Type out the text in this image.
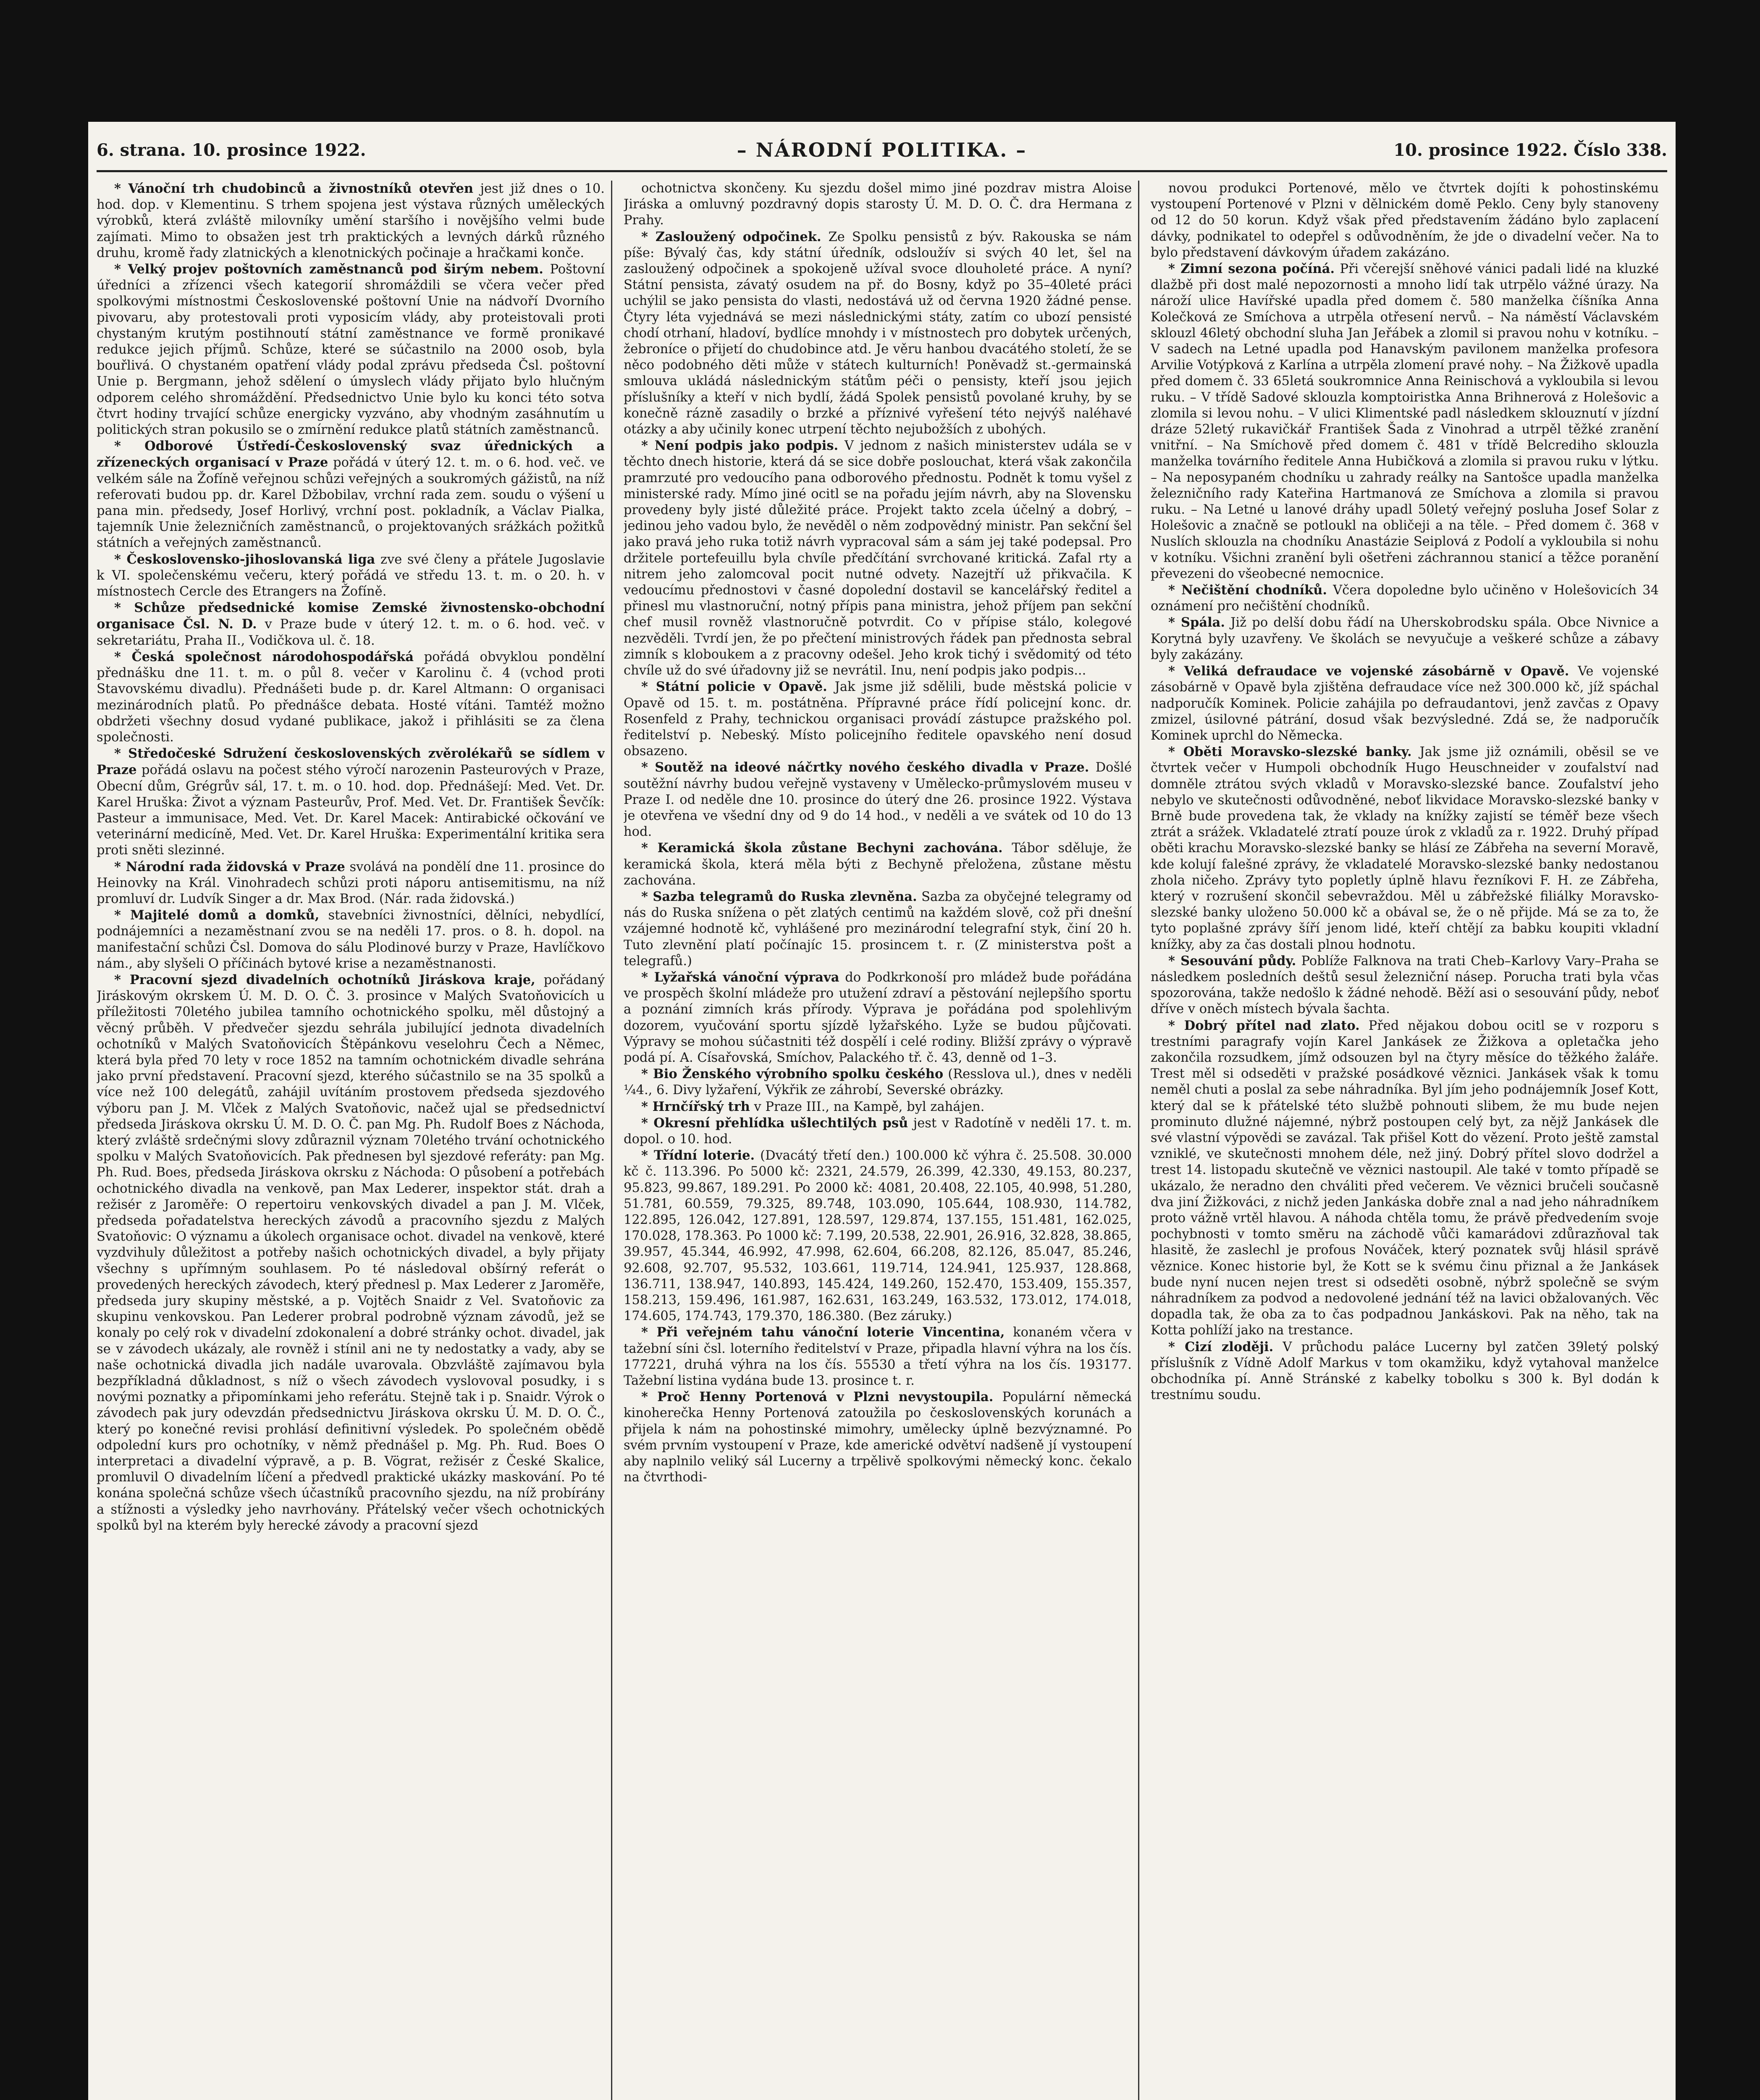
6. strana. 10. prosince 1922.	– NÁRODNÍ POLITIKA. –	10. prosince 1922. Číslo 338.

* Vánoční trh chudobinců a živnostníků otevřen jest již dnes o 10. hod. dop. v Klementinu. S trhem spojena jest výstava různých uměleckých výrobků, která zvláště milovníky umění staršího i novějšího velmi bude zajímati. Mimo to obsažen jest trh praktických a levných dárků různého druhu, kromě řady zlatnických a klenotnických počinaje a hračkami konče.

* Velký projev poštovních zaměstnanců pod širým nebem. Poštovní úředníci a zřízenci všech kategorií shromáždili se včera večer před spolkovými místnostmi Československé poštovní Unie na nádvoří Dvorního pivovaru, aby protestovali proti vyposicím vlády, aby proteistovali proti chystaným krutým postihnoutí státní zaměstnance ve formě pronikavé redukce jejich příjmů. Schůze, které se súčastnilo na 2000 osob, byla bouřlivá. O chystaném opatření vlády podal zprávu předseda Čsl. poštovní Unie p. Bergmann, jehož sdělení o úmyslech vlády přijato bylo hlučným odporem celého shromáždění. Předsednictvo Unie bylo ku konci této sotva čtvrt hodiny trvající schůze energicky vyzváno, aby vhodným zasáhnutím u politických stran pokusilo se o zmírnění redukce platů státních zaměstnanců.

* Odborové Ústředí-Československý svaz úřednických a zřízeneckých organisací v Praze pořádá v úterý 12. t. m. o 6. hod. več. ve velkém sále na Žofíně veřejnou schůzi veřejných a soukromých gážistů, na níž referovati budou pp. dr. Karel Džbobilav, vrchní rada zem. soudu o výšení u pana min. předsedy, Josef Horlivý, vrchní post. pokladník, a Václav Pialka, tajemník Unie železničních zaměstnanců, o projektovaných srážkách požitků státních a veřejných zaměstnanců.

* Československo-jihoslovanská liga zve své členy a přátele Jugoslavie k VI. společenskému večeru, který pořádá ve středu 13. t. m. o 20. h. v místnostech Cercle des Etrangers na Žofíně.

* Schůze předsednické komise Zemské živnostensko-obchodní organisace Čsl. N. D. v Praze bude v úterý 12. t. m. o 6. hod. več. v sekretariátu, Praha II., Vodičkova ul. č. 18.

* Česká společnost národohospodářská pořádá obvyklou pondělní přednášku dne 11. t. m. o půl 8. večer v Karolinu č. 4 (vchod proti Stavovskému divadlu). Přednášeti bude p. dr. Karel Altmann: O organisaci mezinárodních platů. Po přednášce debata. Hosté vítáni. Tamtéž možno obdržeti všechny dosud vydané publikace, jakož i přihlásiti se za člena společnosti.

* Středočeské Sdružení československých zvěrolékařů se sídlem v Praze pořádá oslavu na počest stého výročí narozenin Pasteurových v Praze, Obecní dům, Grégrův sál, 17. t. m. o 10. hod. dop. Přednášejí: Med. Vet. Dr. Karel Hruška: Život a význam Pasteurův, Prof. Med. Vet. Dr. František Ševčík: Pasteur a immunisace, Med. Vet. Dr. Karel Macek: Antirabické očkování ve veterinární medicíně, Med. Vet. Dr. Karel Hruška: Experimentální kritika sera proti sněti slezinné.

* Národní rada židovská v Praze svolává na pondělí dne 11. prosince do Heinovky na Král. Vinohradech schůzi proti náporu antisemitismu, na níž promluví dr. Ludvík Singer a dr. Max Brod. (Nár. rada židovská.)

* Majitelé domů a domků, stavebníci živnostníci, dělníci, nebydlící, podnájemníci a nezaměstnaní zvou se na neděli 17. pros. o 8. h. dopol. na manifestační schůzi Čsl. Domova do sálu Plodinové burzy v Praze, Havlíčkovo nám., aby slyšeli O příčinách bytové krise a nezaměstnanosti.

* Pracovní sjezd divadelních ochotníků Jiráskova kraje, pořádaný Jiráskovým okrskem Ú. M. D. O. Č. 3. prosince v Malých Svatoňovicích u příležitosti 70letého jubilea tamního ochotnického spolku, měl důstojný a věcný průběh. V předvečer sjezdu sehrála jubilující jednota divadelních ochotníků v Malých Svatoňovicích Štěpánkovu veselohru Čech a Němec, která byla před 70 lety v roce 1852 na tamním ochotnickém divadle sehrána jako první představení. Pracovní sjezd, kterého súčastnilo se na 35 spolků a více než 100 delegátů, zahájil uvítáním prostovem předseda sjezdového výboru pan J. M. Vlček z Malých Svatoňovic, načež ujal se předsednictví předseda Jiráskova okrsku Ú. M. D. O. Č. pan Mg. Ph. Rudolf Boes z Náchoda, který zvláště srdečnými slovy zdůraznil význam 70letého trvání ochotnického spolku v Malých Svatoňovicích. Pak přednesen byl sjezdové referáty: pan Mg. Ph. Rud. Boes, předseda Jiráskova okrsku z Náchoda: O působení a potřebách ochotnického divadla na venkově, pan Max Lederer, inspektor stát. drah a režisér z Jaroměře: O repertoiru venkovských divadel a pan J. M. Vlček, předseda pořadatelstva hereckých závodů a pracovního sjezdu z Malých Svatoňovic: O významu a úkolech organisace ochot. divadel na venkově, které vyzdvihuly důležitost a potřeby našich ochotnických divadel, a byly přijaty všechny s upřímným souhlasem. Po té následoval obšírný referát o provedených hereckých závodech, který přednesl p. Max Lederer z Jaroměře, předseda jury skupiny městské, a p. Vojtěch Snaidr z Vel. Svatoňovic za skupinu venkovskou. Pan Lederer probral podrobně význam závodů, jež se konaly po celý rok v divadelní zdokonalení a dobré stránky ochot. divadel, jak se v závodech ukázaly, ale rovněž i stínil ani ne ty nedostatky a vady, aby se naše ochotnická divadla jich nadále uvarovala. Obzvláště zajímavou byla bezpříkladná důkladnost, s níž o všech závodech vyslovoval posudky, i s novými poznatky a připomínkami jeho referátu. Stejně tak i p. Snaidr. Výrok o závodech pak jury odevzdán předsednictvu Jiráskova okrsku Ú. M. D. O. Č., který po konečné revisi prohlásí definitivní výsledek. Po společném obědě odpolední kurs pro ochotníky, v němž přednášel p. Mg. Ph. Rud. Boes O interpretaci a divadelní výpravě, a p. B. Vögrat, režisér z České Skalice, promluvil O divadelním líčení a předvedl praktické ukázky maskování. Po té konána společná schůze všech účastníků pracovního sjezdu, na níž probírány a stížnosti a výsledky jeho navrhovány. Přátelský večer všech ochotnických spolků byl na kterém byly herecké závody a pracovní sjezd

ochotnictva skončeny. Ku sjezdu došel mimo jiné pozdrav mistra Aloise Jiráska a omluvný pozdravný dopis starosty Ú. M. D. O. Č. dra Hermana z Prahy.

* Zasloužený odpočinek. Ze Spolku pensistů z býv. Rakouska se nám píše: Bývalý čas, kdy státní úředník, odsloužív si svých 40 let, šel na zasloužený odpočinek a spokojeně užíval svoce dlouholeté práce. A nyní? Státní pensista, závatý osudem na př. do Bosny, když po 35–40leté práci uchýlil se jako pensista do vlasti, nedostává už od června 1920 žádné pense. Čtyry léta vyjednává se mezi následnickými státy, zatím co ubozí pensisté chodí otrhaní, hladoví, bydlíce mnohdy i v místnostech pro dobytek určených, žebroníce o přijetí do chudobince atd. Je věru hanbou dvacátého století, že se něco podobného děti může v státech kulturních! Poněvadž st.-germainská smlouva ukládá následnickým státům péči o pensisty, kteří jsou jejich příslušníky a kteří v nich bydlí, žádá Spolek pensistů povolané kruhy, by se konečně rázně zasadily o brzké a příznivé vyřešení této nejvýš naléhavé otázky a aby učinily konec utrpení těchto nejubožších z ubohých.

* Není podpis jako podpis. V jednom z našich ministerstev udála se v těchto dnech historie, která dá se sice dobře poslouchat, která však zakončila pramrzuté pro vedoucího pana odborového přednostu. Podnět k tomu vyšel z ministerské rady. Mímo jiné ocitl se na pořadu jejím návrh, aby na Slovensku provedeny byly jisté důležité práce. Projekt takto zcela účelný a dobrý, – jedinou jeho vadou bylo, že nevěděl o něm zodpovědný ministr. Pan sekční šel jako pravá jeho ruka totiž návrh vypracoval sám a sám jej také podepsal. Pro držitele portefeuillu byla chvíle předčítání svrchované kritická. Zafal rty a nitrem jeho zalomcoval pocit nutné odvety. Nazejtří už přikvačila. K vedoucímu přednostovi v časné dopolední dostavil se kancelářský ředitel a přinesl mu vlastnoruční, notný přípis pana ministra, jehož příjem pan sekční chef musil rovněž vlastnoručně potvrdit. Co v přípise stálo, kolegové nezvěděli. Tvrdí jen, že po přečtení ministrových řádek pan přednosta sebral zimník s kloboukem a z pracovny odešel. Jeho krok tichý i svědomitý od této chvíle už do své úřadovny již se nevrátil. Inu, není podpis jako podpis...

* Státní policie v Opavě. Jak jsme již sdělili, bude městská policie v Opavě od 15. t. m. postátněna. Přípravné práce řídí policejní konc. dr. Rosenfeld z Prahy, technickou organisaci provádí zástupce pražského pol. ředitelství p. Nebeský. Místo policejního ředitele opavského není dosud obsazeno.

* Soutěž na ideové náčrtky nového českého divadla v Praze. Došlé soutěžní návrhy budou veřejně vystaveny v Umělecko-průmyslovém museu v Praze I. od neděle dne 10. prosince do úterý dne 26. prosince 1922. Výstava je otevřena ve všední dny od 9 do 14 hod., v neděli a ve svátek od 10 do 13 hod.

* Keramická škola zůstane Bechyni zachována. Tábor sděluje, že keramická škola, která měla býti z Bechyně přeložena, zůstane městu zachována.

* Sazba telegramů do Ruska zlevněna. Sazba za obyčejné telegramy od nás do Ruska snížena o pět zlatých centimů na každém slově, což při dnešní vzájemné hodnotě kč, vyhlášené pro mezinárodní telegrafní styk, činí 20 h. Tuto zlevnění platí počínajíc 15. prosincem t. r. (Z ministerstva pošt a telegrafů.)

* Lyžařská vánoční výprava do Podkrkonoší pro mládež bude pořádána ve prospěch školní mládeže pro utužení zdraví a pěstování nejlepšího sportu a poznání zimních krás přírody. Výprava je pořádána pod spolehlivým dozorem, vyučování sportu sjízdě lyžařského. Lyže se budou půjčovati. Výpravy se mohou súčastniti též dospělí i celé rodiny. Bližší zprávy o výpravě podá pí. A. Císařovská, Smíchov, Palackého tř. č. 43, denně od 1–3.

* Bio Ženského výrobního spolku českého (Resslova ul.), dnes v neděli ¼4., 6. Divy lyžaření, Výkřik ze záhrobí, Severské obrázky.

* Hrnčířský trh v Praze III., na Kampě, byl zahájen.

* Okresní přehlídka ušlechtilých psů jest v Radotíně v neděli 17. t. m. dopol. o 10. hod.

* Třídní loterie. (Dvacátý třetí den.) 100.000 kč výhra č. 25.508. 30.000 kč č. 113.396. Po 5000 kč: 2321, 24.579, 26.399, 42.330, 49.153, 80.237, 95.823, 99.867, 189.291. Po 2000 kč: 4081, 20.408, 22.105, 40.998, 51.280, 51.781, 60.559, 79.325, 89.748, 103.090, 105.644, 108.930, 114.782, 122.895, 126.042, 127.891, 128.597, 129.874, 137.155, 151.481, 162.025, 170.028, 178.363. Po 1000 kč: 7.199, 20.538, 22.901, 26.916, 32.828, 38.865, 39.957, 45.344, 46.992, 47.998, 62.604, 66.208, 82.126, 85.047, 85.246, 92.608, 92.707, 95.532, 103.661, 119.714, 124.941, 125.937, 128.868, 136.711, 138.947, 140.893, 145.424, 149.260, 152.470, 153.409, 155.357, 158.213, 159.496, 161.987, 162.631, 163.249, 163.532, 173.012, 174.018, 174.605, 174.743, 179.370, 186.380. (Bez záruky.)

* Při veřejném tahu vánoční loterie Vincentina, konaném včera v tažební síni čsl. loterního ředitelství v Praze, připadla hlavní výhra na los čís. 177221, druhá výhra na los čís. 55530 a třetí výhra na los čís. 193177. Tažební listina vydána bude 13. prosince t. r.

* Proč Henny Portenová v Plzni nevystoupila. Populární německá kinoherečka Henny Portenová zatoužila po československých korunách a přijela k nám na pohostinské mimohry, umělecky úplně bezvýznamné. Po svém prvním vystoupení v Praze, kde americké odvětví nadšeně jí vystoupení aby naplnilo veliký sál Lucerny a trpělivě spolkovými německý konc. čekalo na čtvrthodi-

novou produkci Portenové, mělo ve čtvrtek dojíti k pohostinskému vystoupení Portenové v Plzni v dělnickém domě Peklo. Ceny byly stanoveny od 12 do 50 korun. Když však před představením žádáno bylo zaplacení dávky, podnikatel to odepřel s odůvodněním, že jde o divadelní večer. Na to bylo představení dávkovým úřadem zakázáno.

* Zimní sezona počíná. Při včerejší sněhové vánici padali lidé na kluzké dlažbě při dost malé nepozornosti a mnoho lidí tak utrpělo vážné úrazy. Na nároží ulice Havířské upadla před domem č. 580 manželka číšníka Anna Kolečková ze Smíchova a utrpěla otřesení nervů. – Na náměstí Václavském sklouzl 46letý obchodní sluha Jan Jeřábek a zlomil si pravou nohu v kotníku. – V sadech na Letné upadla pod Hanavským pavilonem manželka profesora Arvilie Votýpková z Karlína a utrpěla zlomení pravé nohy. – Na Žižkově upadla před domem č. 33 65letá soukromnice Anna Reinischová a vykloubila si levou ruku. – V třídě Sadové sklouzla komptoiristka Anna Brihnerová z Holešovic a zlomila si levou nohu. – V ulici Klimentské padl následkem sklouznutí v jízdní dráze 52letý rukavičkář František Šada z Vinohrad a utrpěl těžké zranění vnitřní. – Na Smíchově před domem č. 481 v třídě Belcrediho sklouzla manželka továrního ředitele Anna Hubičková a zlomila si pravou ruku v lýtku. – Na neposypaném chodníku u zahrady reálky na Santošce upadla manželka železničního rady Kateřina Hartmanová ze Smíchova a zlomila si pravou ruku. – Na Letné u lanové dráhy upadl 50letý veřejný posluha Josef Solar z Holešovic a značně se potloukl na obličeji a na těle. – Před domem č. 368 v Nuslích sklouzla na chodníku Anastázie Seiplová z Podolí a vykloubila si nohu v kotníku. Všichni zranění byli ošetřeni záchrannou stanicí a těžce poranění převezeni do všeobecné nemocnice.

* Nečištění chodníků. Včera dopoledne bylo učiněno v Holešovicích 34 oznámení pro nečištění chodníků.

* Spála. Již po delší dobu řádí na Uherskobrodsku spála. Obce Nivnice a Korytná byly uzavřeny. Ve školách se nevyučuje a veškeré schůze a zábavy byly zakázány.

* Veliká defraudace ve vojenské zásobárně v Opavě. Ve vojenské zásobárně v Opavě byla zjištěna defraudace více než 300.000 kč, jíž spáchal nadporučík Kominek. Policie zahájila po defraudantovi, jenž zavčas z Opavy zmizel, úsilovné pátrání, dosud však bezvýsledné. Zdá se, že nadporučík Kominek uprchl do Německa.

* Oběti Moravsko-slezské banky. Jak jsme již oznámili, oběsil se ve čtvrtek večer v Humpoli obchodník Hugo Heuschneider v zoufalství nad domněle ztrátou svých vkladů v Moravsko-slezské bance. Zoufalství jeho nebylo ve skutečnosti odůvodněné, neboť likvidace Moravsko-slezské banky v Brně bude provedena tak, že vklady na knížky zajistí se téměř beze všech ztrát a srážek. Vkladatelé ztratí pouze úrok z vkladů za r. 1922. Druhý případ oběti krachu Moravsko-slezské banky se hlásí ze Zábřeha na severní Moravě, kde kolují falešné zprávy, že vkladatelé Moravsko-slezské banky nedostanou zhola ničeho. Zprávy tyto popletly úplně hlavu řezníkovi F. H. ze Zábřeha, který v rozrušení skončil sebevraždou. Měl u zábřežské filiálky Moravsko-slezské banky uloženo 50.000 kč a obával se, že o ně přijde. Má se za to, že tyto poplašné zprávy šíří jenom lidé, kteří chtějí za babku koupiti vkladní knížky, aby za čas dostali plnou hodnotu.

* Sesouvání půdy. Poblíže Falknova na trati Cheb–Karlovy Vary–Praha se následkem posledních deštů sesul železniční násep. Porucha trati byla včas spozorována, takže nedošlo k žádné nehodě. Běží asi o sesouvání půdy, neboť dříve v oněch místech bývala šachta.

* Dobrý přítel nad zlato. Před nějakou dobou ocitl se v rozporu s trestními paragrafy vojín Karel Jankásek ze Žižkova a opletačka jeho zakončila rozsudkem, jímž odsouzen byl na čtyry měsíce do těžkého žaláře. Trest měl si odseděti v pražské posádkové věznici. Jankásek však k tomu neměl chuti a poslal za sebe náhradníka. Byl jím jeho podnájemník Josef Kott, který dal se k přátelské této službě pohnouti slibem, že mu bude nejen prominuto dlužné nájemné, nýbrž postoupen celý byt, za nějž Jankásek dle své vlastní výpovědi se zavázal. Tak přišel Kott do vězení. Proto ještě zamstal vzniklé, ve skutečnosti mnohem déle, než jiný. Dobrý přítel slovo dodržel a trest 14. listopadu skutečně ve věznici nastoupil. Ale také v tomto případě se ukázalo, že neradno den chváliti před večerem. Ve věznici bručeli současně dva jiní Žižkováci, z nichž jeden Jankáska dobře znal a nad jeho náhradníkem proto vážně vrtěl hlavou. A náhoda chtěla tomu, že právě předvedením svoje pochybnosti v tomto směru na záchodě vůči kamarádovi zdůrazňoval tak hlasitě, že zaslechl je profous Nováček, který poznatek svůj hlásil správě věznice. Konec historie byl, že Kott se k svému činu přiznal a že Jankásek bude nyní nucen nejen trest si odseděti osobně, nýbrž společně se svým náhradníkem za podvod a nedovolené jednání též na lavici obžalovaných. Věc dopadla tak, že oba za to čas podpadnou Jankáskovi. Pak na něho, tak na Kotta pohlíží jako na trestance.

* Cizí zloději. V průchodu paláce Lucerny byl zatčen 39letý polský příslušník z Vídně Adolf Markus v tom okamžiku, když vytahoval manželce obchodníka pí. Anně Stránské z kabelky tobolku s 300 k. Byl dodán k trestnímu soudu.
